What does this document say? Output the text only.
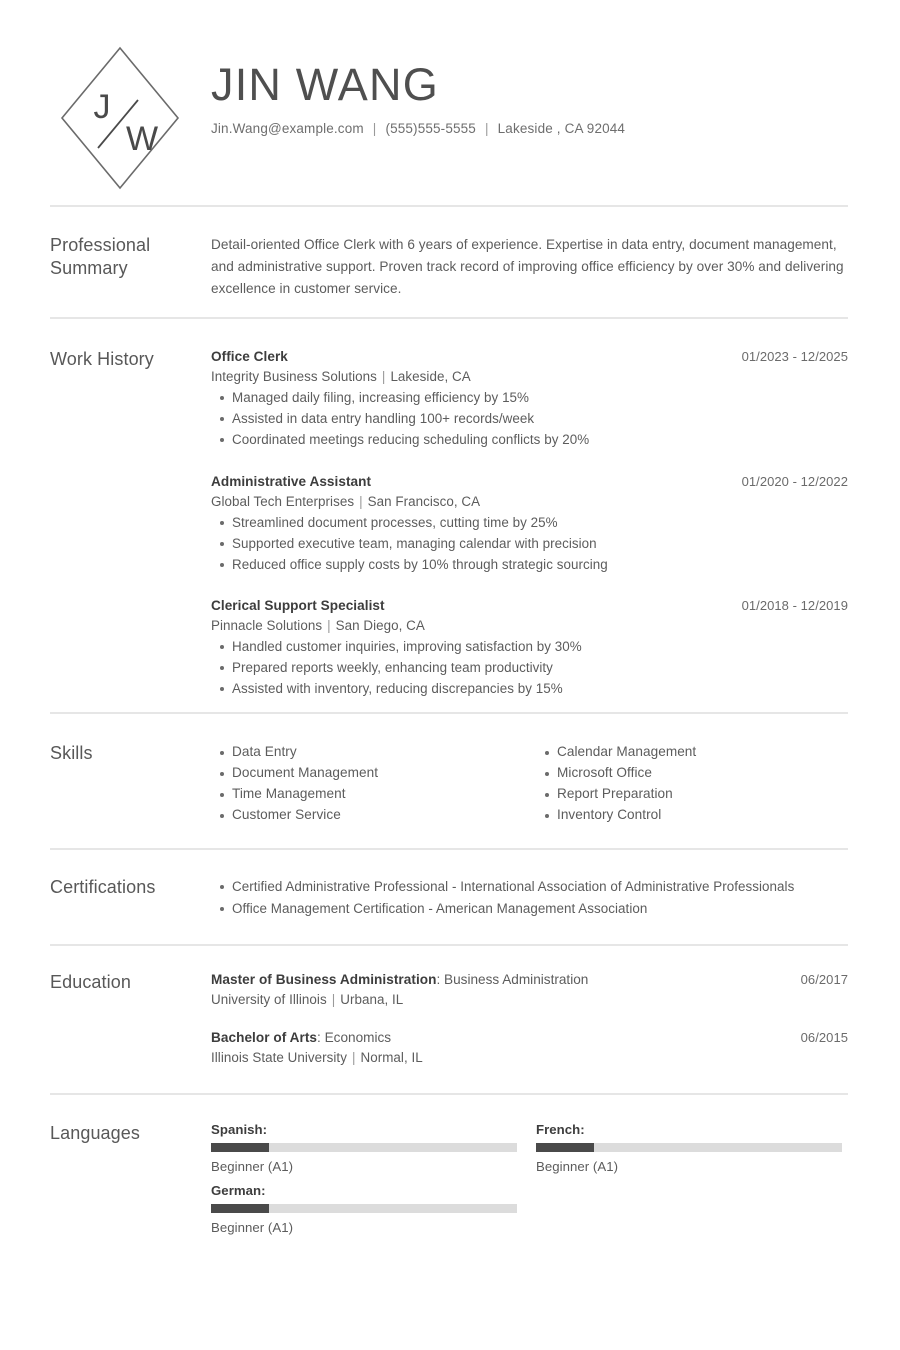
J
W
JIN WANG
Jin.Wang@example.com | (555)555-5555 | Lakeside , CA 92044
Professional Summary
Detail-oriented Office Clerk with 6 years of experience. Expertise in data entry, document management, and administrative support. Proven track record of improving office efficiency by over 30% and delivering excellence in customer service.
Work History	Office Clerk	01/2023 - 12/2025
Integrity Business Solutions | Lakeside, CA
Managed daily filing, increasing efficiency by 15%
Assisted in data entry handling 100+ records/week
Coordinated meetings reducing scheduling conflicts by 20%
Administrative Assistant	01/2020 - 12/2022
Global Tech Enterprises | San Francisco, CA
Streamlined document processes, cutting time by 25%
Supported executive team, managing calendar with precision
Reduced office supply costs by 10% through strategic sourcing
Clerical Support Specialist	01/2018 - 12/2019
Pinnacle Solutions | San Diego, CA
Handled customer inquiries, improving satisfaction by 30%
Prepared reports weekly, enhancing team productivity
Assisted with inventory, reducing discrepancies by 15%
Skills	Data Entry
Document Management
Time Management
Customer Service
Calendar Management
Microsoft Office
Report Preparation
Inventory Control
Certifications	Certified Administrative Professional - International Association of Administrative Professionals
Office Management Certification - American Management Association
Education	Master of Business Administration: Business Administration	06/2017
University of Illinois | Urbana, IL
Bachelor of Arts: Economics	06/2015
Illinois State University | Normal, IL
Languages	Spanish:
Beginner (A1)
French:
Beginner (A1)
German:
Beginner (A1)
